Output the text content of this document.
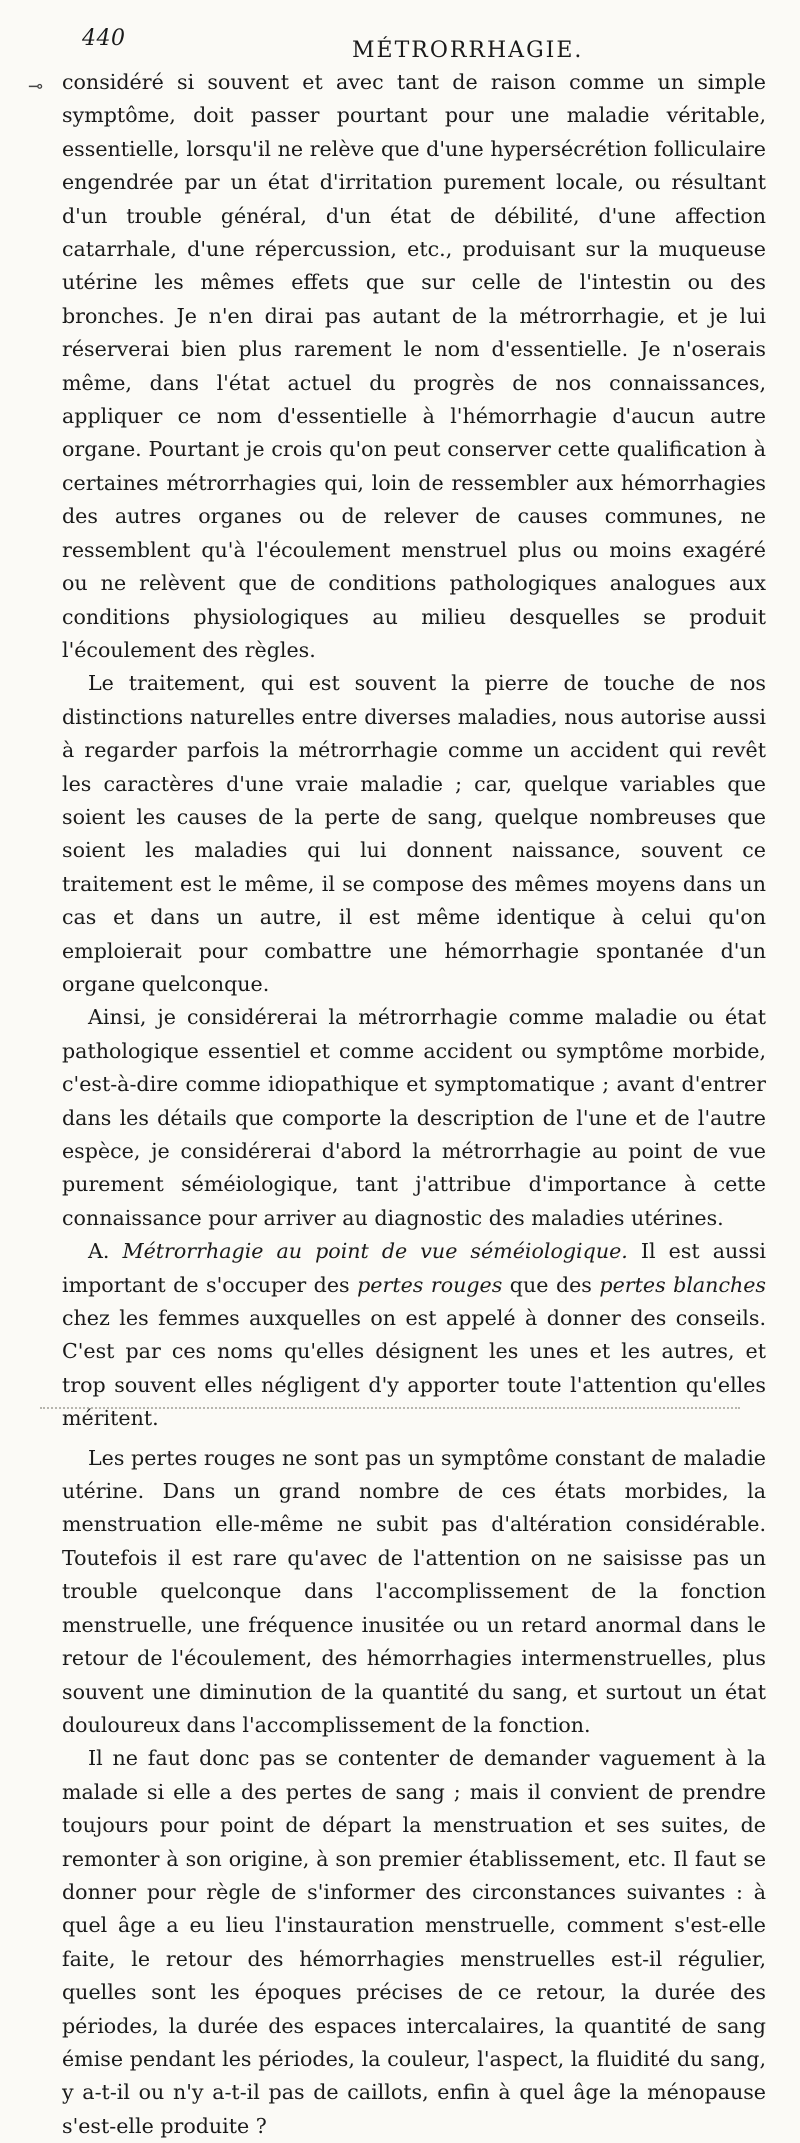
440	MÉTRORRHAGIE.
⊸ considéré si souvent et avec tant de raison comme un simple symptôme, doit passer pourtant pour une maladie véritable, essentielle, lorsqu'il ne relève que d'une hypersécrétion folliculaire engendrée par un état d'irritation purement locale, ou résultant d'un trouble général, d'un état de débilité, d'une affection catarrhale, d'une répercussion, etc., produisant sur la muqueuse utérine les mêmes effets que sur celle de l'intestin ou des bronches. Je n'en dirai pas autant de la métrorrhagie, et je lui réserverai bien plus rarement le nom d'essentielle. Je n'oserais même, dans l'état actuel du progrès de nos connaissances, appliquer ce nom d'essentielle à l'hémorrhagie d'aucun autre organe. Pourtant je crois qu'on peut conserver cette qualification à certaines métrorrhagies qui, loin de ressembler aux hémorrhagies des autres organes ou de relever de causes communes, ne ressemblent qu'à l'écoulement menstruel plus ou moins exagéré ou ne relèvent que de conditions pathologiques analogues aux conditions physiologiques au milieu desquelles se produit l'écoulement des règles.

Le traitement, qui est souvent la pierre de touche de nos distinctions naturelles entre diverses maladies, nous autorise aussi à regarder parfois la métrorrhagie comme un accident qui revêt les caractères d'une vraie maladie ; car, quelque variables que soient les causes de la perte de sang, quelque nombreuses que soient les maladies qui lui donnent naissance, souvent ce traitement est le même, il se compose des mêmes moyens dans un cas et dans un autre, il est même identique à celui qu'on emploierait pour combattre une hémorrhagie spontanée d'un organe quelconque.

Ainsi, je considérerai la métrorrhagie comme maladie ou état pathologique essentiel et comme accident ou symptôme morbide, c'est-à-dire comme idiopathique et symptomatique ; avant d'entrer dans les détails que comporte la description de l'une et de l'autre espèce, je considérerai d'abord la métrorrhagie au point de vue purement séméiologique, tant j'attribue d'importance à cette connaissance pour arriver au diagnostic des maladies utérines.

A. Métrorrhagie au point de vue séméiologique. Il est aussi important de s'occuper des pertes rouges que des pertes blanches chez les femmes auxquelles on est appelé à donner des conseils. C'est par ces noms qu'elles désignent les unes et les autres, et trop souvent elles négligent d'y apporter toute l'attention qu'elles méritent.

Les pertes rouges ne sont pas un symptôme constant de maladie utérine. Dans un grand nombre de ces états morbides, la menstruation elle-même ne subit pas d'altération considérable. Toutefois il est rare qu'avec de l'attention on ne saisisse pas un trouble quelconque dans l'accomplissement de la fonction menstruelle, une fréquence inusitée ou un retard anormal dans le retour de l'écoulement, des hémorrhagies intermenstruelles, plus souvent une diminution de la quantité du sang, et surtout un état douloureux dans l'accomplissement de la fonction.

Il ne faut donc pas se contenter de demander vaguement à la malade si elle a des pertes de sang ; mais il convient de prendre toujours pour point de départ la menstruation et ses suites, de remonter à son origine, à son premier établissement, etc. Il faut se donner pour règle de s'informer des circonstances suivantes : à quel âge a eu lieu l'instauration menstruelle, comment s'est-elle faite, le retour des hémorrhagies menstruelles est-il régulier, quelles sont les époques précises de ce retour, la durée des périodes, la durée des espaces intercalaires, la quantité de sang émise pendant les périodes, la couleur, l'aspect, la fluidité du sang, y a-t-il ou n'y a-t-il pas de caillots, enfin à quel âge la ménopause s'est-elle produite ?
